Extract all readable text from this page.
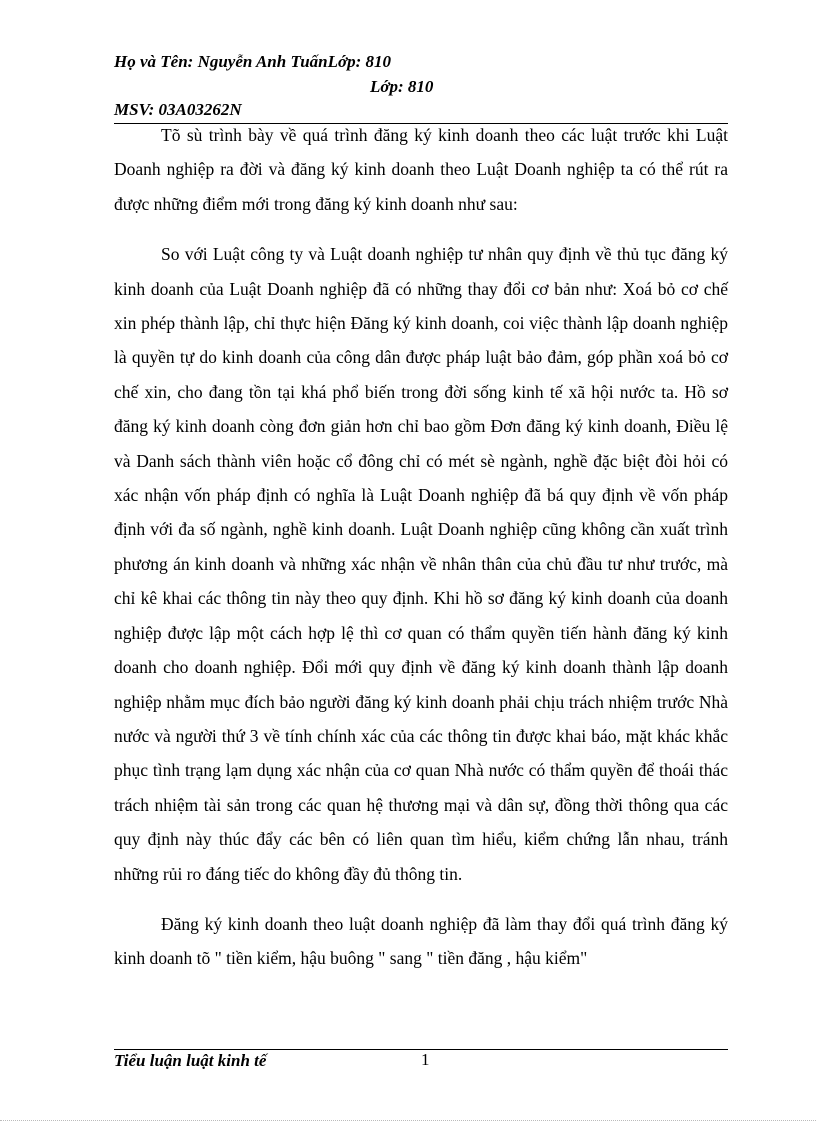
Họ và Tên: Nguyễn Anh TuấnLớp: 810
Lớp: 810
MSV: 03A03262N

Tõ sù trình bày về quá trình đăng ký kinh doanh theo các luật trước khi Luật Doanh nghiệp ra đời và đăng ký kinh doanh theo Luật Doanh nghiệp ta có thể rút ra được những điểm mới trong đăng ký kinh doanh như sau:

So với Luật công ty và Luật doanh nghiệp tư nhân quy định về thủ tục đăng ký kinh doanh của Luật Doanh nghiệp đã có những thay đổi cơ bản như: Xoá bỏ cơ chế xin phép thành lập, chỉ thực hiện Đăng ký kinh doanh, coi việc thành lập doanh nghiệp là quyền tự do kinh doanh của công dân được pháp luật bảo đảm, góp phần xoá bỏ cơ chế xin, cho đang tồn tại khá phổ biến trong đời sống kinh tế xã hội nước ta. Hồ sơ đăng ký kinh doanh còng đơn giản hơn chỉ bao gồm Đơn đăng ký kinh doanh, Điều lệ và Danh sách thành viên hoặc cổ đông chỉ có mét sè ngành, nghề đặc biệt đòi hỏi có xác nhận vốn pháp định có nghĩa là Luật Doanh nghiệp đã bá quy định về vốn pháp định với đa số ngành, nghề kinh doanh. Luật Doanh nghiệp cũng không cần xuất trình phương án kinh doanh và những xác nhận về nhân thân của chủ đầu tư như trước, mà chỉ kê khai các thông tin này theo quy định. Khi hồ sơ đăng ký kinh doanh của doanh nghiệp được lập một cách hợp lệ thì cơ quan có thẩm quyền tiến hành đăng ký kinh doanh cho doanh nghiệp. Đổi mới quy định về đăng ký kinh doanh thành lập doanh nghiệp nhằm mục đích bảo người đăng ký kinh doanh phải chịu trách nhiệm trước Nhà nước và người thứ 3 về tính chính xác của các thông tin được khai báo, mặt khác khắc phục tình trạng lạm dụng xác nhận của cơ quan Nhà nước có thẩm quyền để thoái thác trách nhiệm tài sản trong các quan hệ thương mại và dân sự, đồng thời thông qua các quy định này thúc đẩy các bên có liên quan tìm hiểu, kiểm chứng lẫn nhau, tránh những rủi ro đáng tiếc do không đầy đủ thông tin.

Đăng ký kinh doanh theo luật doanh nghiệp đã làm thay đổi quá trình đăng ký kinh doanh tõ " tiền kiểm, hậu buông " sang " tiền đăng , hậu kiểm"

Tiểu luận luật kinh tế	1
